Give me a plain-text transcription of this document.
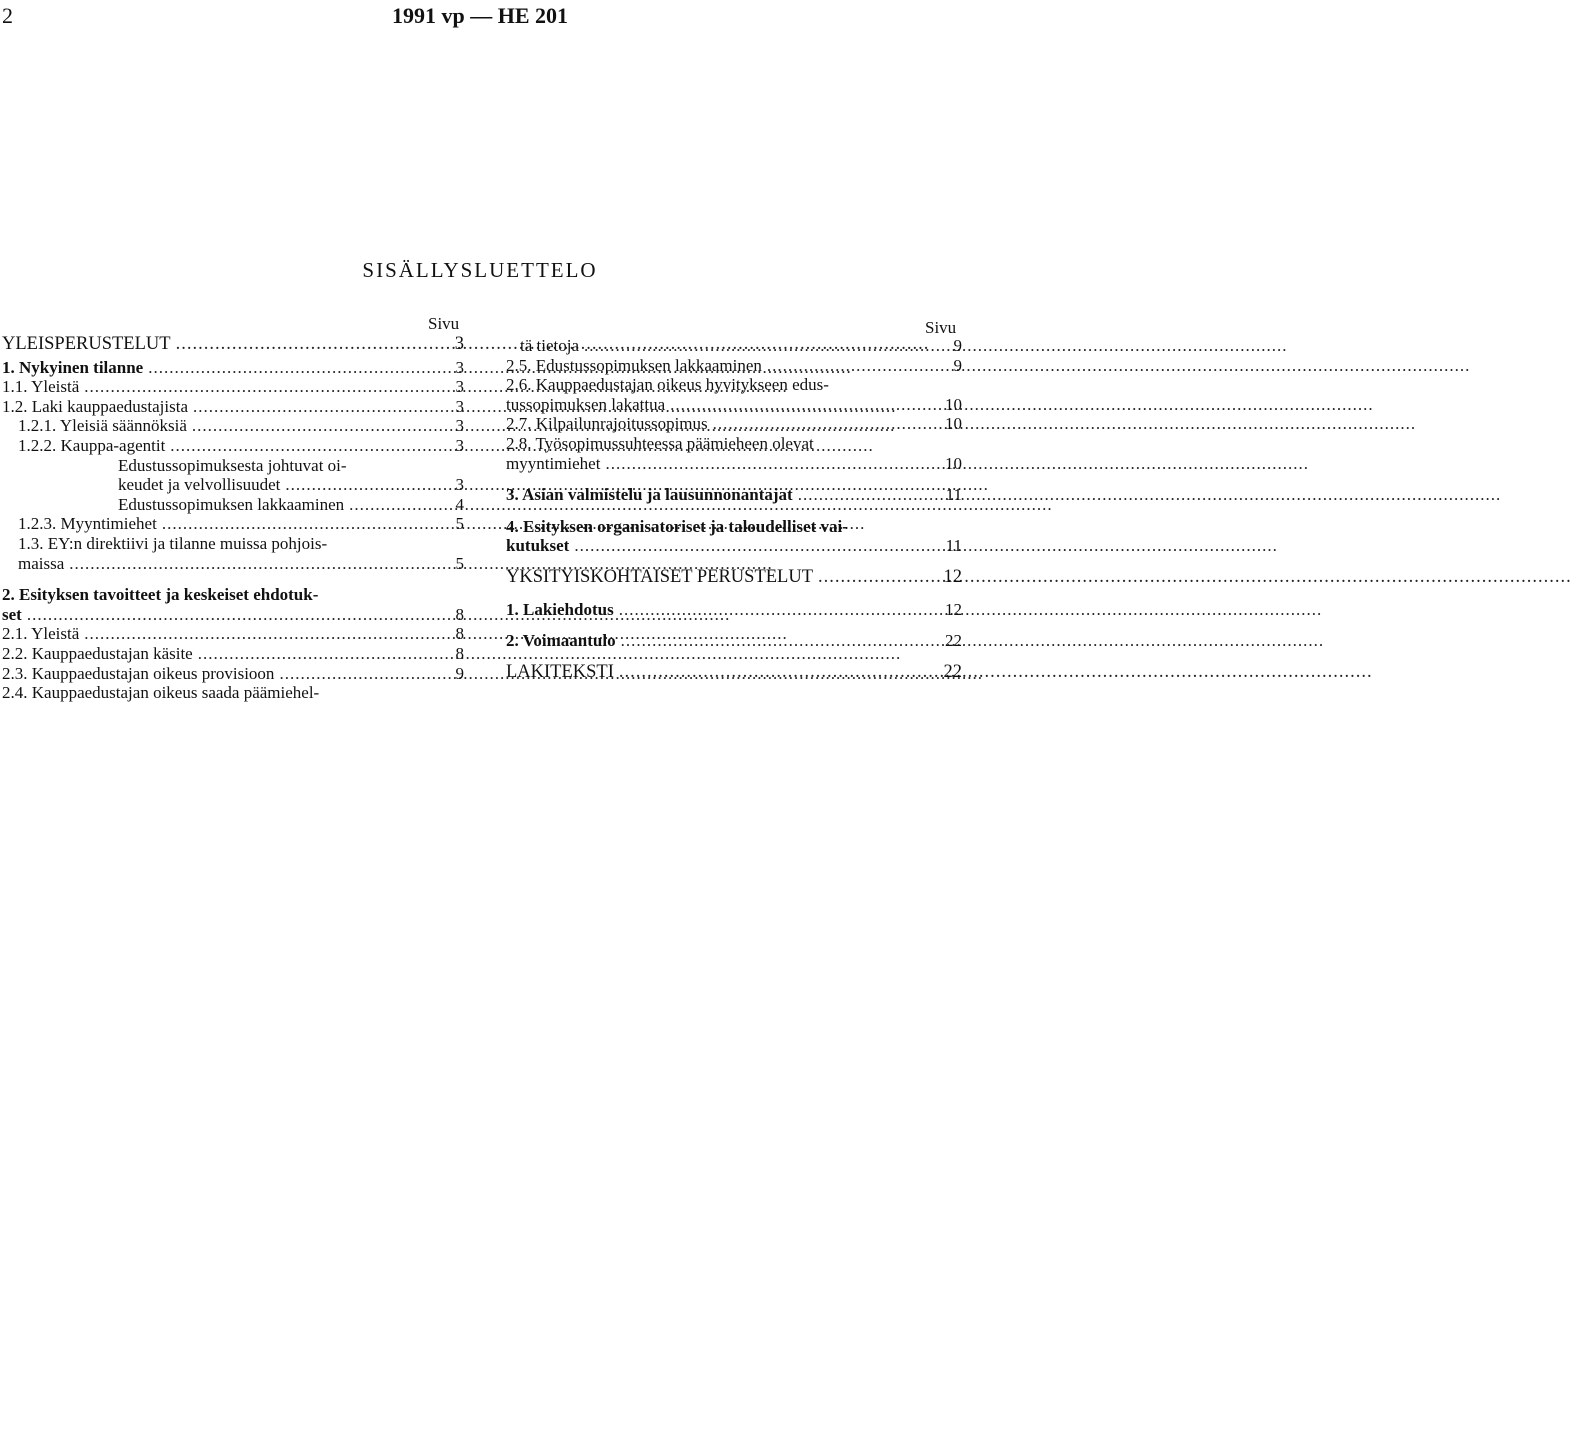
2	1991 vp — HE 201
SISÄLLYSLUETTELO
Sivu	Sivu
YLEISPERUSTELUT .....	3
1. Nykyinen tilanne .....	3
1.1. Yleistä .....	3
1.2. Laki kauppaedustajista .....	3
1.2.1. Yleisiä säännöksiä .....	3
1.2.2. Kauppa-agentit .....	3
Edustussopimuksesta johtuvat oi-
keudet ja velvollisuudet .....	3
Edustussopimuksen lakkaaminen .....	4
1.2.3. Myyntimiehet .....	5
1.3. EY:n direktiivi ja tilanne muissa pohjois-
maissa .....	5
2. Esityksen tavoitteet ja keskeiset ehdotuk-
set .....	8
2.1. Yleistä .....	8
2.2. Kauppaedustajan käsite .....	8
2.3. Kauppaedustajan oikeus provisioon .....	9
2.4. Kauppaedustajan oikeus saada päämiehel-
tä tietoja .....	9
2.5. Edustussopimuksen lakkaaminen .....	9
2.6. Kauppaedustajan oikeus hyvitykseen edus-
tussopimuksen lakattua .....	10
2.7. Kilpailunrajoitussopimus .....	10
2.8. Työsopimussuhteessa päämieheen olevat
myyntimiehet .....	10
3. Asian valmistelu ja lausunnonantajat .....	11
4. Esityksen organisatoriset ja taloudelliset vai-
kutukset .....	11
YKSITYISKOHTAISET PERUSTELUT .....	12
1. Lakiehdotus .....	12
2. Voimaantulo .....	22
LAKITEKSTI .....	22
